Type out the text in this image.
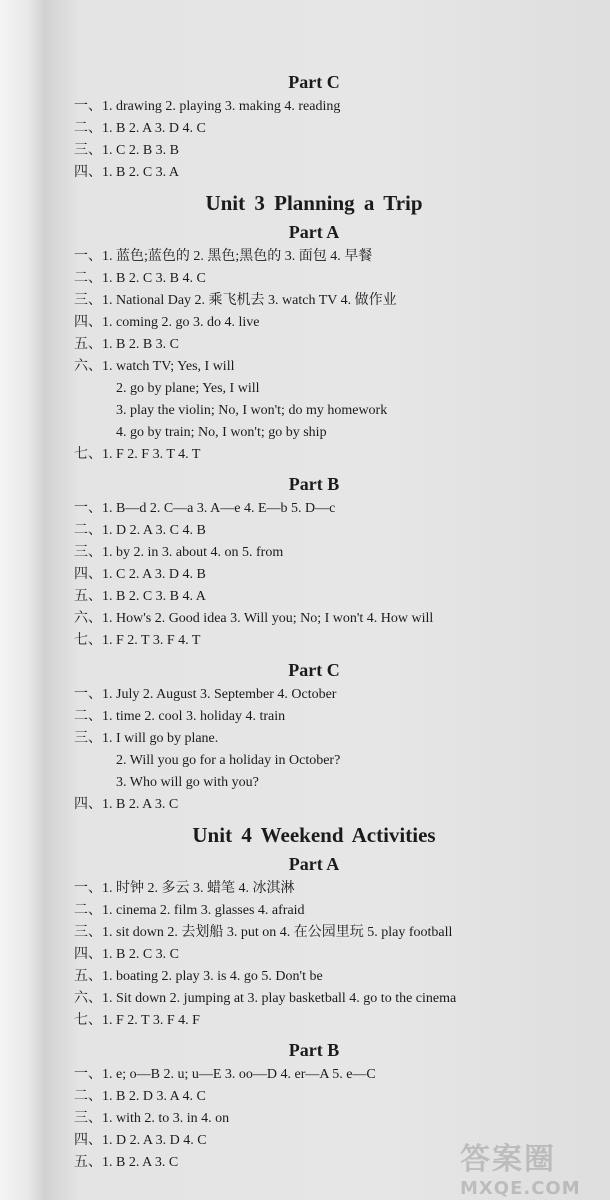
Part C
一、1. drawing 2. playing 3. making 4. reading
二、1. B 2. A 3. D 4. C
三、1. C 2. B 3. B
四、1. B 2. C 3. A
Unit 3 Planning a Trip
Part A
一、1. 蓝色;蓝色的 2. 黑色;黑色的 3. 面包 4. 早餐
二、1. B 2. C 3. B 4. C
三、1. National Day 2. 乘飞机去 3. watch TV 4. 做作业
四、1. coming 2. go 3. do 4. live
五、1. B 2. B 3. C
六、1. watch TV; Yes, I will
2. go by plane; Yes, I will
3. play the violin; No, I won't; do my homework
4. go by train; No, I won't; go by ship
七、1. F 2. F 3. T 4. T
Part B
一、1. B—d 2. C—a 3. A—e 4. E—b 5. D—c
二、1. D 2. A 3. C 4. B
三、1. by 2. in 3. about 4. on 5. from
四、1. C 2. A 3. D 4. B
五、1. B 2. C 3. B 4. A
六、1. How's 2. Good idea 3. Will you; No; I won't 4. How will
七、1. F 2. T 3. F 4. T
Part C
一、1. July 2. August 3. September 4. October
二、1. time 2. cool 3. holiday 4. train
三、1. I will go by plane.
2. Will you go for a holiday in October?
3. Who will go with you?
四、1. B 2. A 3. C
Unit 4 Weekend Activities
Part A
一、1. 时钟 2. 多云 3. 蜡笔 4. 冰淇淋
二、1. cinema 2. film 3. glasses 4. afraid
三、1. sit down 2. 去划船 3. put on 4. 在公园里玩 5. play football
四、1. B 2. C 3. C
五、1. boating 2. play 3. is 4. go 5. Don't be
六、1. Sit down 2. jumping at 3. play basketball 4. go to the cinema
七、1. F 2. T 3. F 4. F
Part B
一、1. e; o—B 2. u; u—E 3. oo—D 4. er—A 5. e—C
二、1. B 2. D 3. A 4. C
三、1. with 2. to 3. in 4. on
四、1. D 2. A 3. D 4. C
五、1. B 2. A 3. C	答案圈
MXQE.COM
